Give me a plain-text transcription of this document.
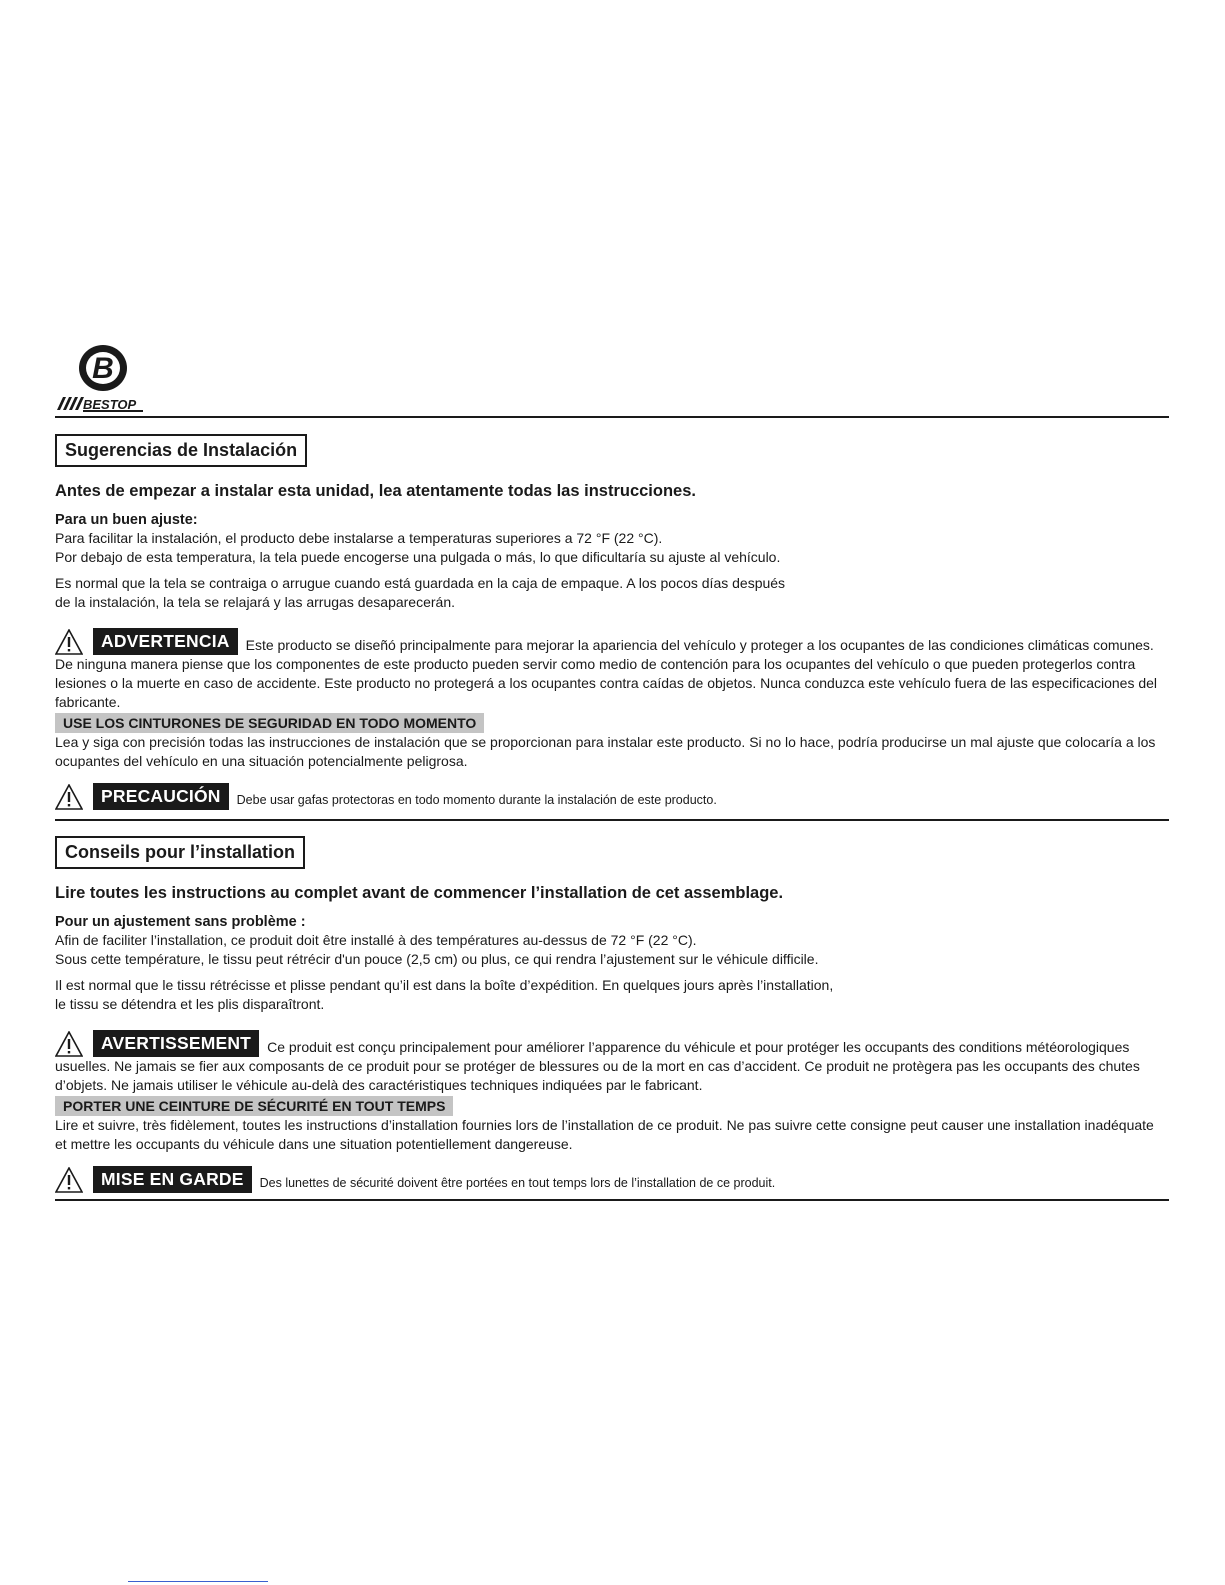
B
BESTOP
Sugerencias de Instalación
Antes de empezar a instalar esta unidad, lea atentamente todas las instrucciones.
Para un buen ajuste:

Para facilitar la instalación, el producto debe instalarse a temperaturas superiores a 72 °F (22 °C).

Por debajo de esta temperatura, la tela puede encogerse una pulgada o más, lo que dificultaría su ajuste al vehículo.

Es normal que la tela se contraiga o arrugue cuando está guardada en la caja de empaque. A los pocos días después

de la instalación, la tela se relajará y las arrugas desaparecerán.

ADVERTENCIA	Este producto se diseñó principalmente para mejorar la apariencia del vehículo y proteger a los ocupantes de las condiciones climáticas comunes. De ninguna manera piense que los componentes de este producto pueden servir como medio de contención para los ocupantes del vehículo o que pueden protegerlos contra lesiones o la muerte en caso de accidente. Este producto no protegerá a los ocupantes contra caídas de objetos. Nunca conduzca este vehículo fuera de las especificaciones del fabricante.
USE LOS CINTURONES DE SEGURIDAD EN TODO MOMENTO

Lea y siga con precisión todas las instrucciones de instalación que se proporcionan para instalar este producto. Si no lo hace, podría producirse un mal ajuste que colocaría a los ocupantes del vehículo en una situación potencialmente peligrosa.

PRECAUCIÓN	Debe usar gafas protectoras en todo momento durante la instalación de este producto.
Conseils pour l’installation
Lire toutes les instructions au complet avant de commencer l’installation de cet assemblage.
Pour un ajustement sans problème :

Afin de faciliter l’installation, ce produit doit être installé à des températures au-dessus de 72 °F (22 °C).

Sous cette température, le tissu peut rétrécir d'un pouce (2,5 cm) ou plus, ce qui rendra l’ajustement sur le véhicule difficile.

Il est normal que le tissu rétrécisse et plisse pendant qu’il est dans la boîte d’expédition. En quelques jours après l’installation,

le tissu se détendra et les plis disparaîtront.

AVERTISSEMENT	Ce produit est conçu principalement pour améliorer l’apparence du véhicule et pour protéger les occupants des conditions météorologiques usuelles. Ne jamais se fier aux composants de ce produit pour se protéger de blessures ou de la mort en cas d’accident. Ce produit ne protègera pas les occupants des chutes d’objets. Ne jamais utiliser le véhicule au-delà des caractéristiques techniques indiquées par le fabricant.
PORTER UNE CEINTURE DE SÉCURITÉ EN TOUT TEMPS

Lire et suivre, très fidèlement, toutes les instructions d’installation fournies lors de l’installation de ce produit. Ne pas suivre cette consigne peut causer une installation inadéquate et mettre les occupants du véhicule dans une situation potentiellement dangereuse.

MISE EN GARDE	Des lunettes de sécurité doivent être portées en tout temps lors de l’installation de ce produit.
